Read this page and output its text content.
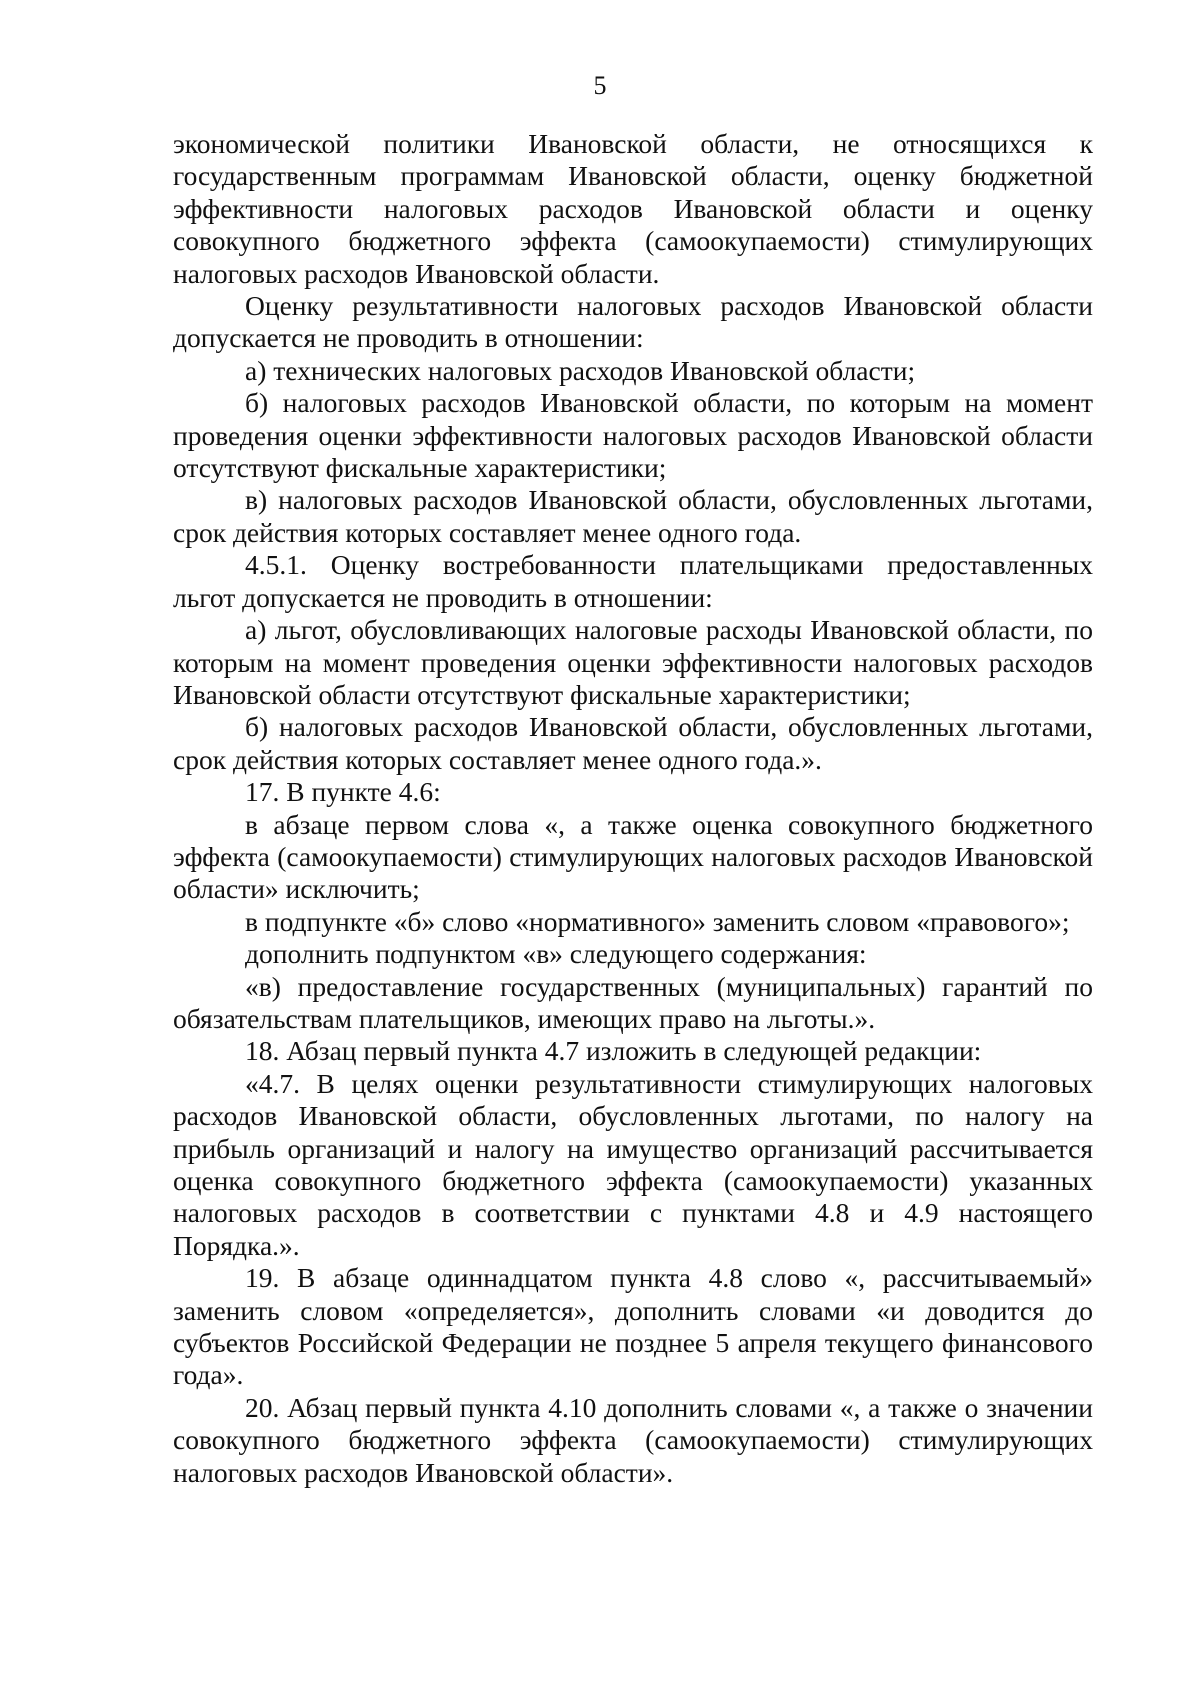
5

экономической политики Ивановской области, не относящихся к государственным программам Ивановской области, оценку бюджетной эффективности налоговых расходов Ивановской области и оценку совокупного бюджетного эффекта (самоокупаемости) стимулирующих налоговых расходов Ивановской области.

Оценку результативности налоговых расходов Ивановской области допускается не проводить в отношении:

а) технических налоговых расходов Ивановской области;

б) налоговых расходов Ивановской области, по которым на момент проведения оценки эффективности налоговых расходов Ивановской области отсутствуют фискальные характеристики;

в) налоговых расходов Ивановской области, обусловленных льготами, срок действия которых составляет менее одного года.

4.5.1. Оценку востребованности плательщиками предоставленных льгот допускается не проводить в отношении:

а) льгот, обусловливающих налоговые расходы Ивановской области, по которым на момент проведения оценки эффективности налоговых расходов Ивановской области отсутствуют фискальные характеристики;

б) налоговых расходов Ивановской области, обусловленных льготами, срок действия которых составляет менее одного года.».

17. В пункте 4.6:

в абзаце первом слова «, а также оценка совокупного бюджетного эффекта (самоокупаемости) стимулирующих налоговых расходов Ивановской области» исключить;

в подпункте «б» слово «нормативного» заменить словом «правового»;

дополнить подпунктом «в» следующего содержания:

«в) предоставление государственных (муниципальных) гарантий по обязательствам плательщиков, имеющих право на льготы.».

18. Абзац первый пункта 4.7 изложить в следующей редакции:

«4.7. В целях оценки результативности стимулирующих налоговых расходов Ивановской области, обусловленных льготами, по налогу на прибыль организаций и налогу на имущество организаций рассчитывается оценка совокупного бюджетного эффекта (самоокупаемости) указанных налоговых расходов в соответствии с пунктами 4.8 и 4.9 настоящего Порядка.».

19. В абзаце одиннадцатом пункта 4.8 слово «, рассчитываемый» заменить словом «определяется», дополнить словами «и доводится до субъектов Российской Федерации не позднее 5 апреля текущего финансового года».

20. Абзац первый пункта 4.10 дополнить словами «, а также о значении совокупного бюджетного эффекта (самоокупаемости) стимулирующих налоговых расходов Ивановской области».
